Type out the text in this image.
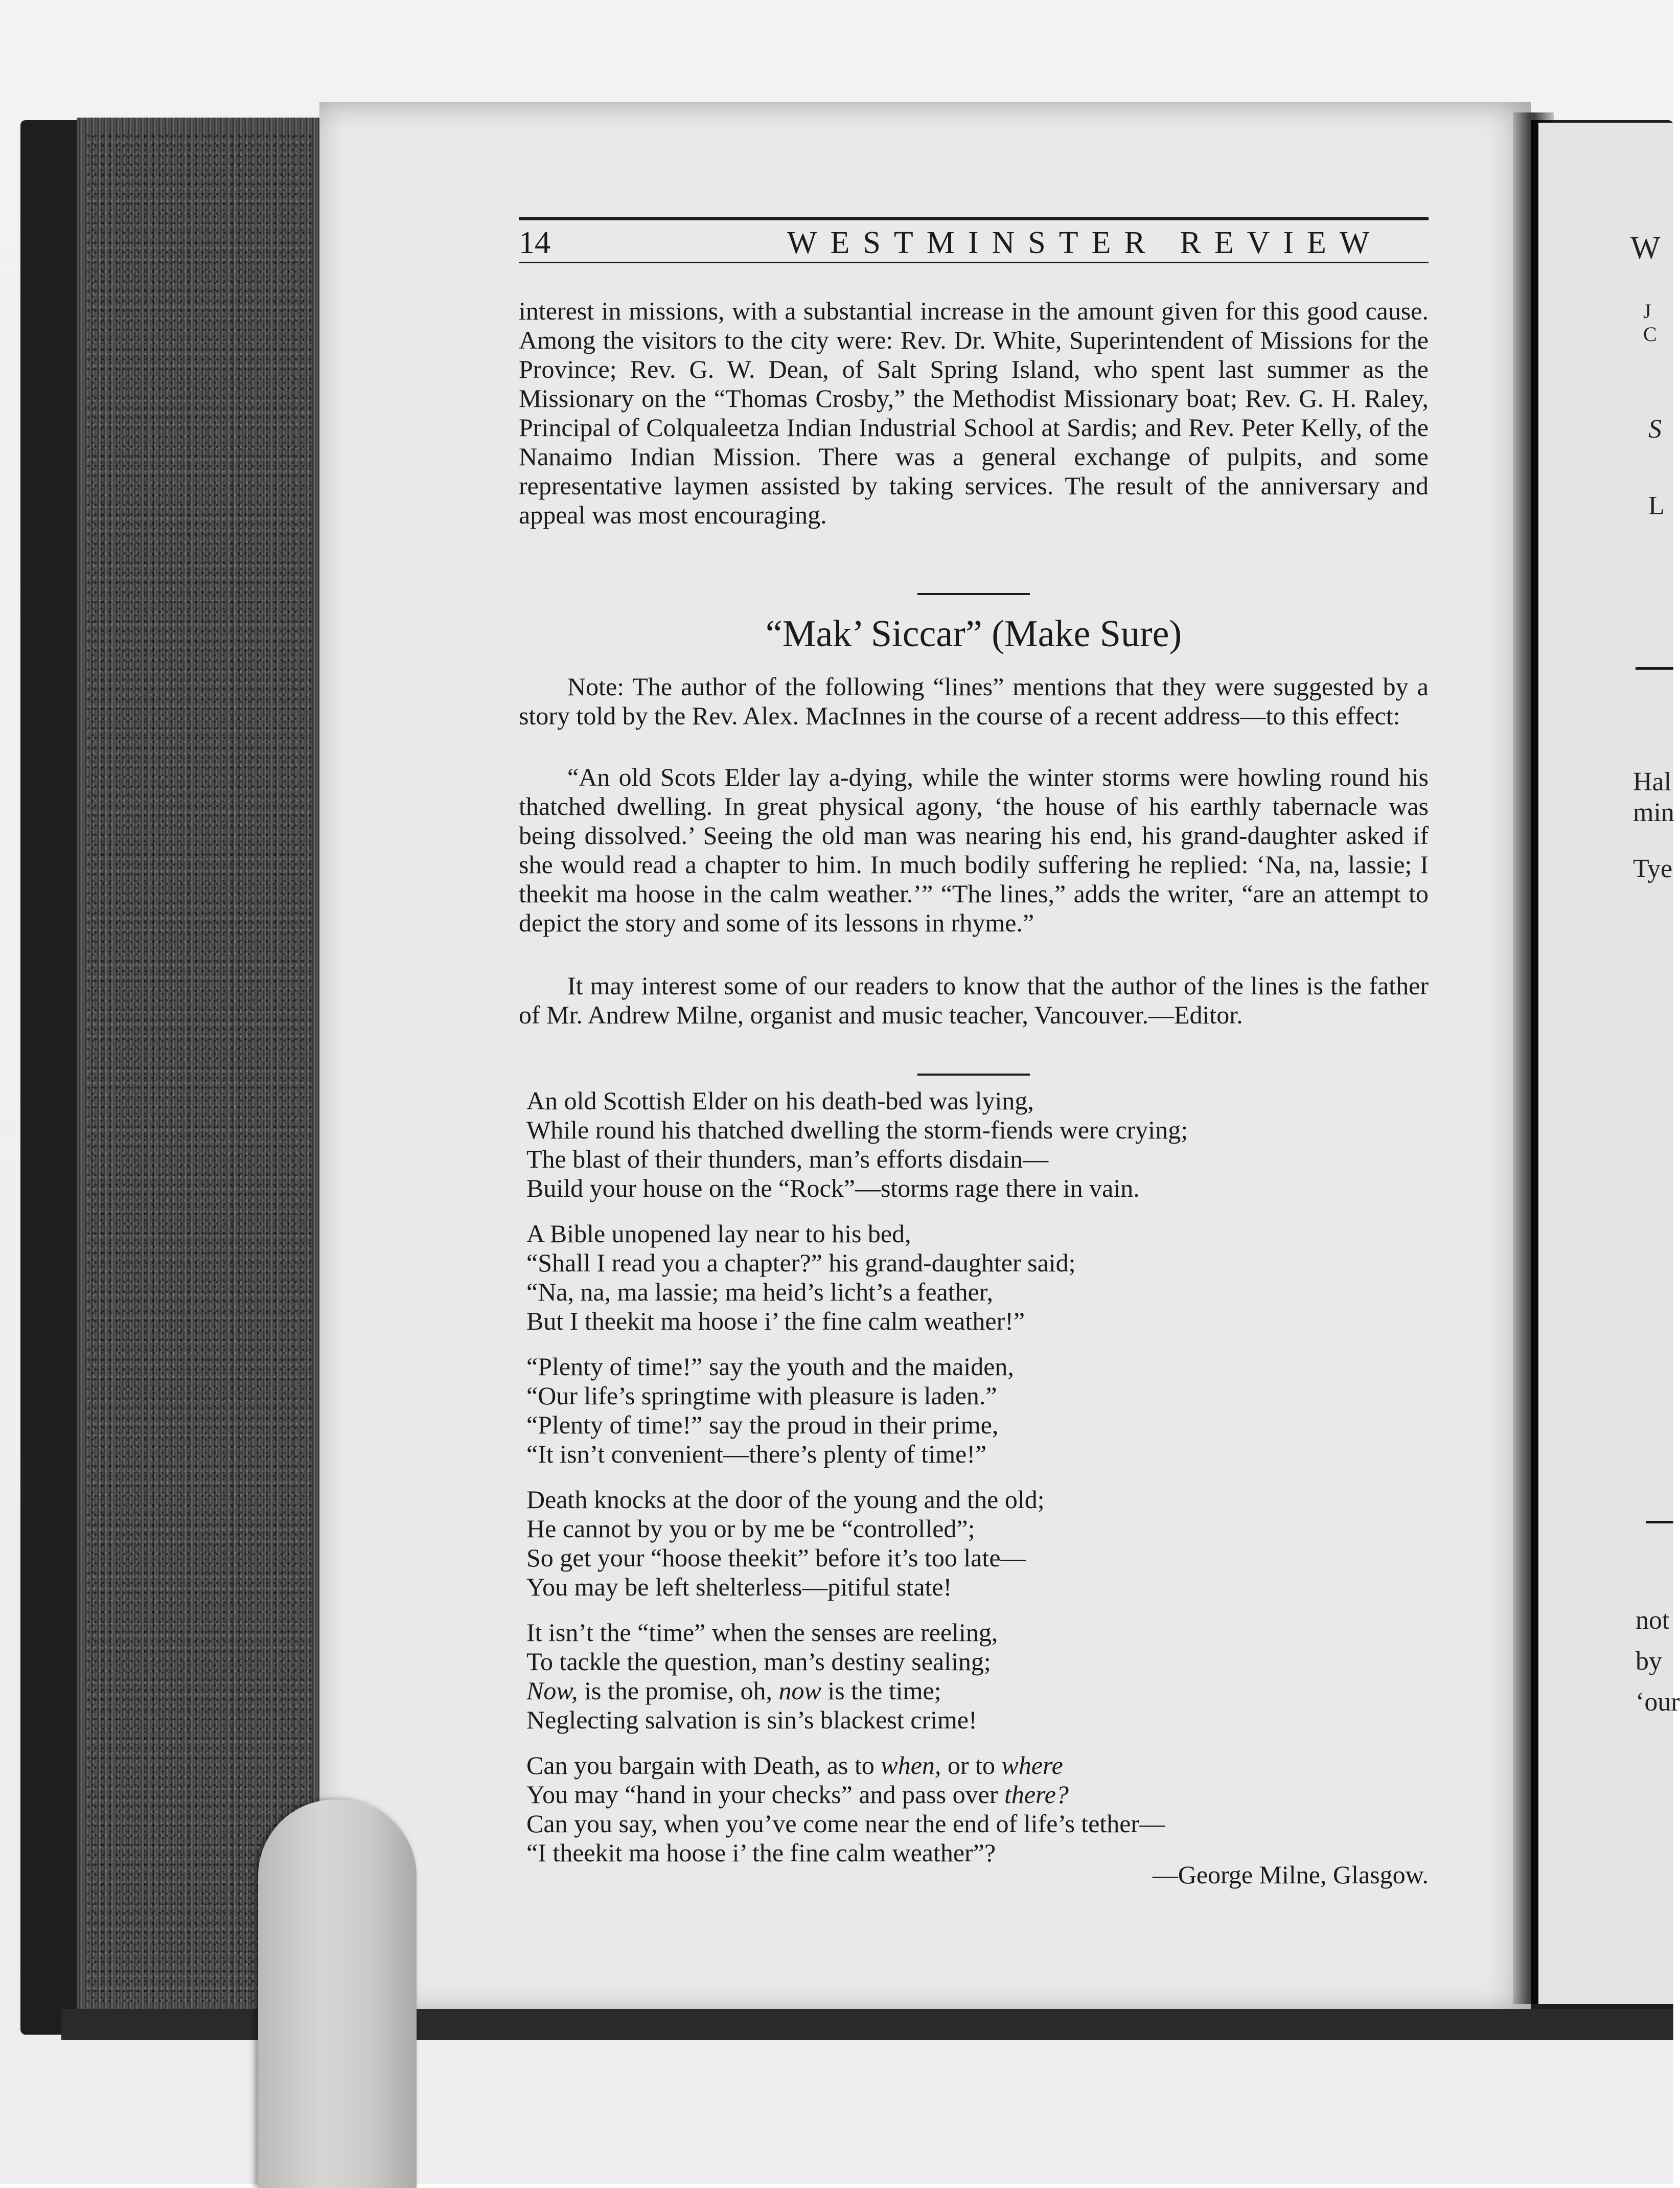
14	WESTMINSTER REVIEW

interest in missions, with a substantial increase in the amount given for this good cause. Among the visitors to the city were: Rev. Dr. White, Superintendent of Missions for the Province; Rev. G. W. Dean, of Salt Spring Island, who spent last summer as the Missionary on the “Thomas Crosby,” the Methodist Missionary boat; Rev. G. H. Raley, Principal of Colqualeetza Indian Industrial School at Sardis; and Rev. Peter Kelly, of the Nanaimo Indian Mission. There was a general exchange of pulpits, and some representative laymen assisted by taking services. The result of the anniversary and appeal was most encouraging.

“Mak’ Siccar” (Make Sure)

Note: The author of the following “lines” mentions that they were suggested by a story told by the Rev. Alex. MacInnes in the course of a recent address—to this effect:

“An old Scots Elder lay a-dying, while the winter storms were howling round his thatched dwelling. In great physical agony, ‘the house of his earthly tabernacle was being dissolved.’ Seeing the old man was nearing his end, his grand-daughter asked if she would read a chapter to him. In much bodily suffering he replied: ‘Na, na, lassie; I theekit ma hoose in the calm weather.’” “The lines,” adds the writer, “are an attempt to depict the story and some of its lessons in rhyme.”

It may interest some of our readers to know that the author of the lines is the father of Mr. Andrew Milne, organist and music teacher, Vancouver.—Editor.

An old Scottish Elder on his death-bed was lying,
While round his thatched dwelling the storm-fiends were crying;
The blast of their thunders, man’s efforts disdain—
Build your house on the “Rock”—storms rage there in vain.
A Bible unopened lay near to his bed,
“Shall I read you a chapter?” his grand-daughter said;
“Na, na, ma lassie; ma heid’s licht’s a feather,
But I theekit ma hoose i’ the fine calm weather!”
“Plenty of time!” say the youth and the maiden,
“Our life’s springtime with pleasure is laden.”
“Plenty of time!” say the proud in their prime,
“It isn’t convenient—there’s plenty of time!”
Death knocks at the door of the young and the old;
He cannot by you or by me be “controlled”;
So get your “hoose theekit” before it’s too late—
You may be left shelterless—pitiful state!
It isn’t the “time” when the senses are reeling,
To tackle the question, man’s destiny sealing;
Now, is the promise, oh, now is the time;
Neglecting salvation is sin’s blackest crime!
Can you bargain with Death, as to when, or to where
You may “hand in your checks” and pass over there?
Can you say, when you’ve come near the end of life’s tether—
“I theekit ma hoose i’ the fine calm weather”?
—George Milne, Glasgow.
W
J
C
S
L
Hal
min
Tye
not
by
‘our
